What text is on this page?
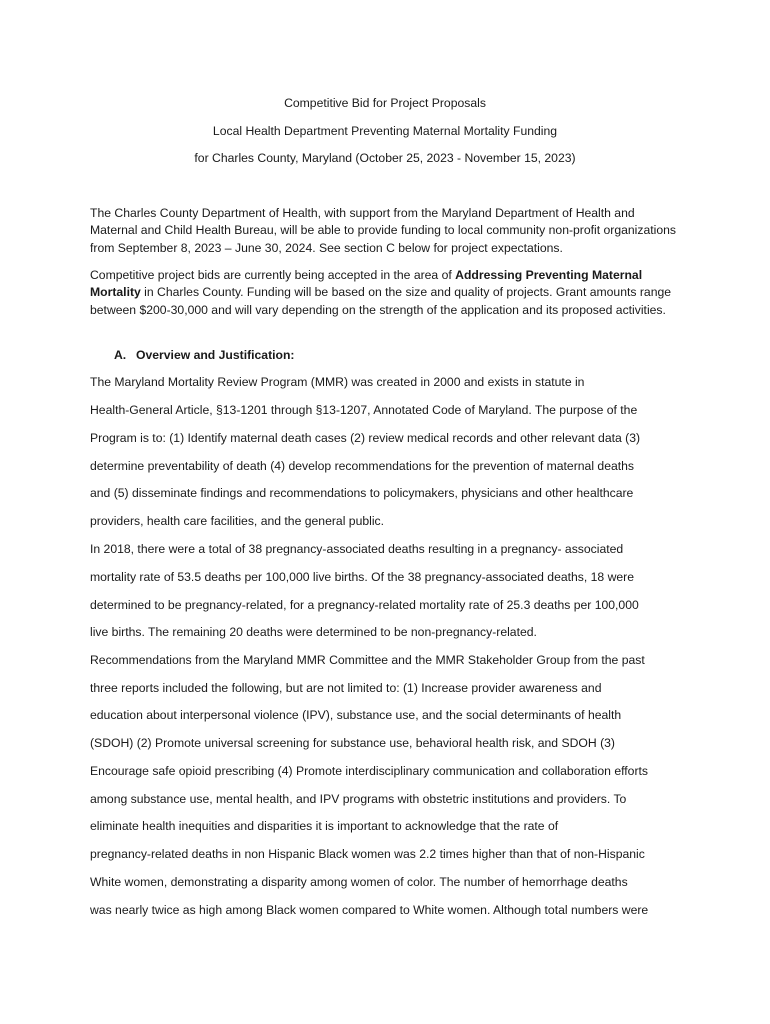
Competitive Bid for Project Proposals
Local Health Department Preventing Maternal Mortality Funding
for Charles County, Maryland (October 25, 2023 - November 15, 2023)

The Charles County Department of Health, with support from the Maryland Department of Health and Maternal and Child Health Bureau, will be able to provide funding to local community non-profit organizations from September 8, 2023 – June 30, 2024. See section C below for project expectations.

Competitive project bids are currently being accepted in the area of Addressing Preventing Maternal Mortality in Charles County. Funding will be based on the size and quality of projects. Grant amounts range between $200-30,000 and will vary depending on the strength of the application and its proposed activities.

A. Overview and Justification:
The Maryland Mortality Review Program (MMR) was created in 2000 and exists in statute in
Health-General Article, §13-1201 through §13-1207, Annotated Code of Maryland. The purpose of the
Program is to: (1) Identify maternal death cases (2) review medical records and other relevant data (3)
determine preventability of death (4) develop recommendations for the prevention of maternal deaths
and (5) disseminate findings and recommendations to policymakers, physicians and other healthcare
providers, health care facilities, and the general public.
In 2018, there were a total of 38 pregnancy-associated deaths resulting in a pregnancy- associated
mortality rate of 53.5 deaths per 100,000 live births. Of the 38 pregnancy-associated deaths, 18 were
determined to be pregnancy-related, for a pregnancy-related mortality rate of 25.3 deaths per 100,000
live births. The remaining 20 deaths were determined to be non-pregnancy-related.
Recommendations from the Maryland MMR Committee and the MMR Stakeholder Group from the past
three reports included the following, but are not limited to: (1) Increase provider awareness and
education about interpersonal violence (IPV), substance use, and the social determinants of health
(SDOH) (2) Promote universal screening for substance use, behavioral health risk, and SDOH (3)
Encourage safe opioid prescribing (4) Promote interdisciplinary communication and collaboration efforts
among substance use, mental health, and IPV programs with obstetric institutions and providers. To
eliminate health inequities and disparities it is important to acknowledge that the rate of
pregnancy-related deaths in non Hispanic Black women was 2.2 times higher than that of non-Hispanic
White women, demonstrating a disparity among women of color. The number of hemorrhage deaths
was nearly twice as high among Black women compared to White women. Although total numbers were
